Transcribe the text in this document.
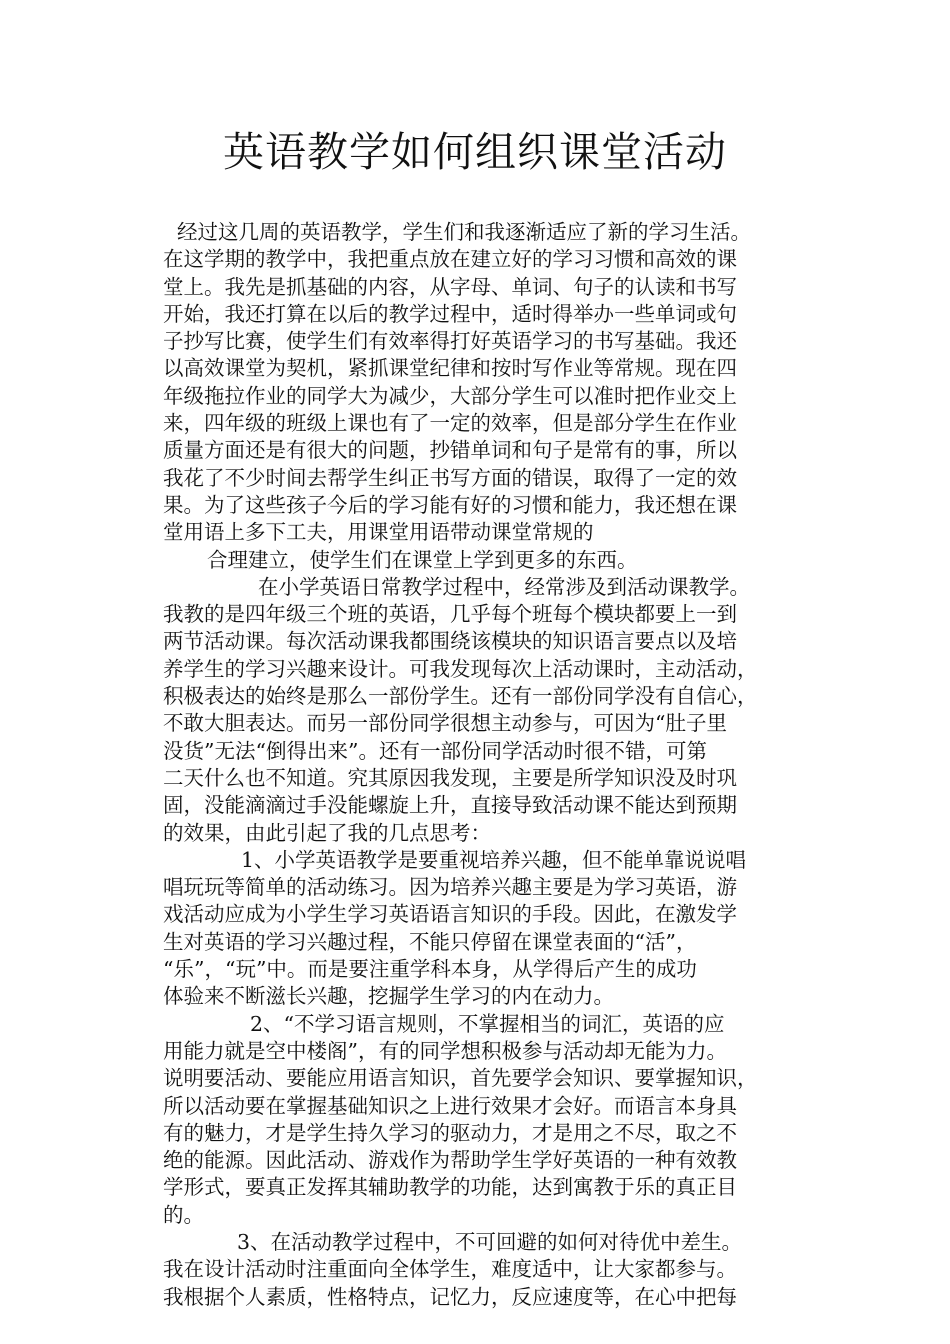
英语教学如何组织课堂活动
经过这几周的英语教学，学生们和我逐渐适应了新的学习生活。
在这学期的教学中，我把重点放在建立好的学习习惯和高效的课
堂上。我先是抓基础的内容，从字母、单词、句子的认读和书写
开始，我还打算在以后的教学过程中，适时得举办一些单词或句
子抄写比赛，使学生们有效率得打好英语学习的书写基础。我还
以高效课堂为契机，紧抓课堂纪律和按时写作业等常规。现在四
年级拖拉作业的同学大为减少，大部分学生可以准时把作业交上
来，四年级的班级上课也有了一定的效率，但是部分学生在作业
质量方面还是有很大的问题，抄错单词和句子是常有的事，所以
我花了不少时间去帮学生纠正书写方面的错误，取得了一定的效
果。为了这些孩子今后的学习能有好的习惯和能力，我还想在课
堂用语上多下工夫，用课堂用语带动课堂常规的
合理建立，使学生们在课堂上学到更多的东西。
在小学英语日常教学过程中，经常涉及到活动课教学。
我教的是四年级三个班的英语，几乎每个班每个模块都要上一到
两节活动课。每次活动课我都围绕该模块的知识语言要点以及培
养学生的学习兴趣来设计。可我发现每次上活动课时，主动活动，
积极表达的始终是那么一部份学生。还有一部份同学没有自信心，
不敢大胆表达。而另一部份同学很想主动参与，可因为“肚子里
没货”无法“倒得出来”。还有一部份同学活动时很不错，可第
二天什么也不知道。究其原因我发现，主要是所学知识没及时巩
固，没能滴滴过手没能螺旋上升，直接导致活动课不能达到预期
的效果，由此引起了我的几点思考：
1、小学英语教学是要重视培养兴趣，但不能单靠说说唱
唱玩玩等简单的活动练习。因为培养兴趣主要是为学习英语，游
戏活动应成为小学生学习英语语言知识的手段。因此，在激发学
生对英语的学习兴趣过程，不能只停留在课堂表面的“活”，
“乐”，“玩”中。而是要注重学科本身，从学得后产生的成功
体验来不断滋长兴趣，挖掘学生学习的内在动力。
2、“不学习语言规则，不掌握相当的词汇，英语的应
用能力就是空中楼阁”，有的同学想积极参与活动却无能为力。
说明要活动、要能应用语言知识，首先要学会知识、要掌握知识，
所以活动要在掌握基础知识之上进行效果才会好。而语言本身具
有的魅力，才是学生持久学习的驱动力，才是用之不尽，取之不
绝的能源。因此活动、游戏作为帮助学生学好英语的一种有效教
学形式，要真正发挥其辅助教学的功能，达到寓教于乐的真正目
的。
3、在活动教学过程中，不可回避的如何对待优中差生。
我在设计活动时注重面向全体学生，难度适中，让大家都参与。
我根据个人素质，性格特点，记忆力，反应速度等，在心中把每
